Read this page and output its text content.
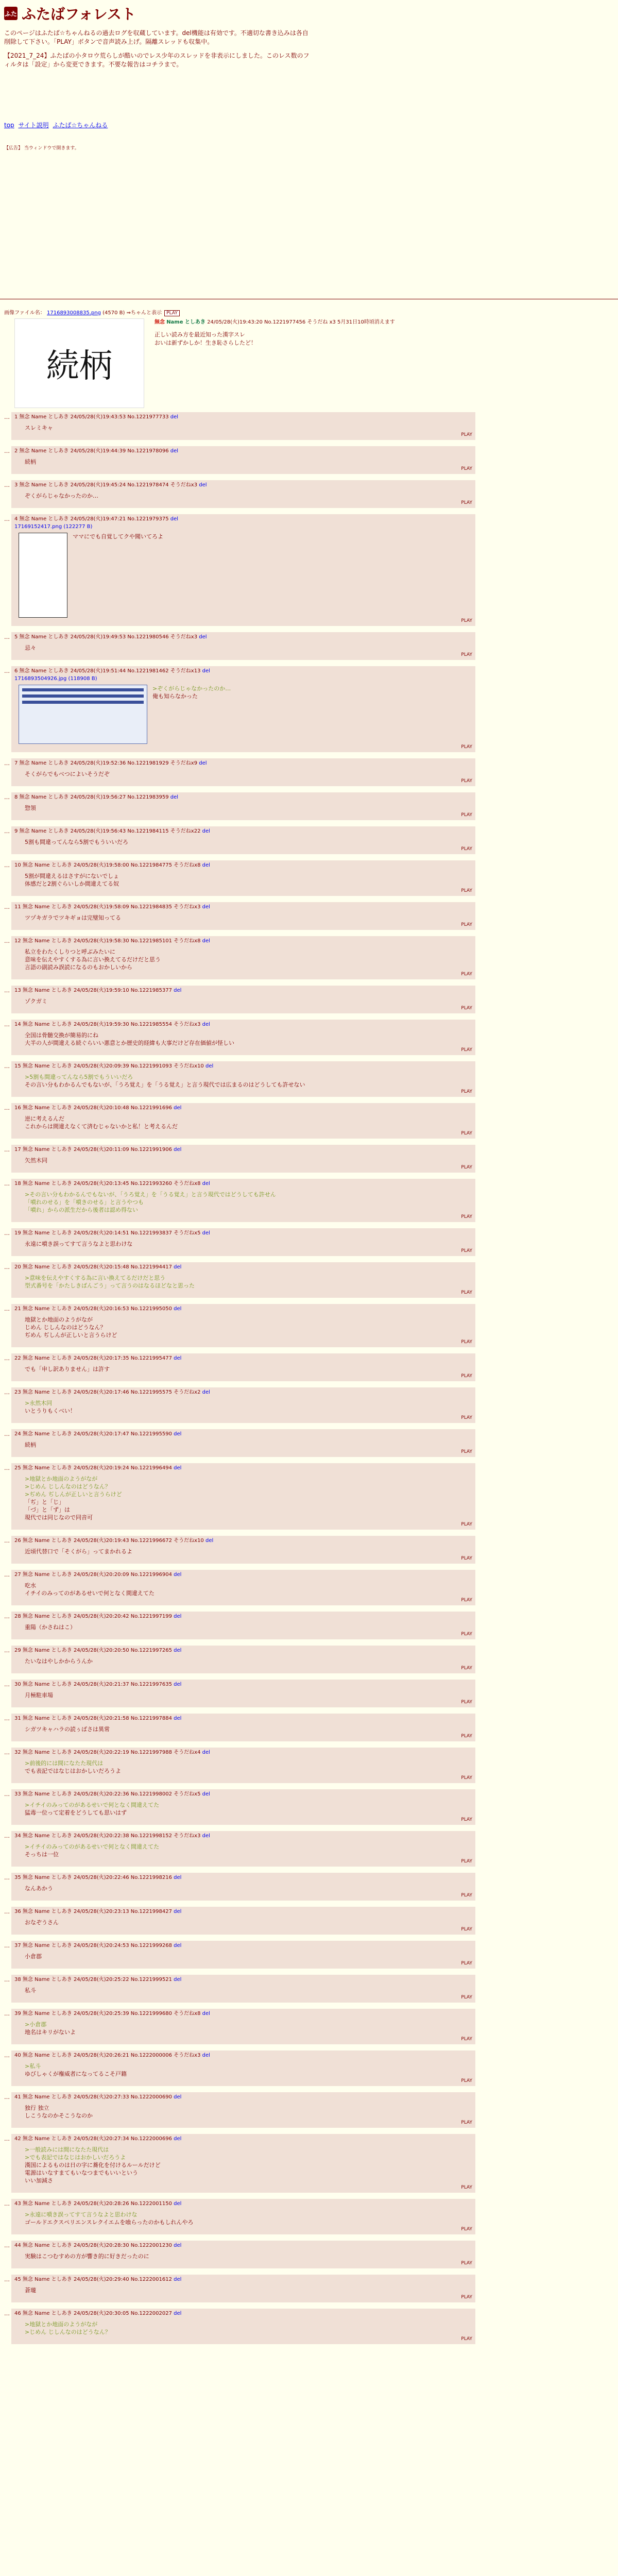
ふた ふたばフォレスト

このページはふたば☆ちゃんねるの過去ログを収蔵しています。del機能は有効です。不適切な書き込みは各自削除して下さい。「PLAY」ボタンで音声読み上げ。隔離スレッドも収集中。

【2021_7_24】ふたばの小タロウ荒らしが酷いのでレス少年のスレッドを非表示にしました。このレス数のフィルタは「設定」から変更できます。不要な報告はコチラまで。

top サイト説明 ふたば☆ちゃんねる
【広告】 当ウィンドウで開きます。
画像ファイル名： 1716893008835.png (4570 B) ⇒ちゃんと表示 PLAY
続柄
無念 Name としあき 24/05/28(火)19:43:20 No.1221977456 そうだね x3 5月31日10時頃消えます
正しい読み方を最近知った漢字スレ
おいは新ずかしか！生き恥さらしたど！
… 1 無念 Name としあき 24/05/28(火)19:43:53 No.1221977733 del
スレミキャ
PLAY
… 2 無念 Name としあき 24/05/28(火)19:44:39 No.1221978096 del
続柄
PLAY
… 3 無念 Name としあき 24/05/28(火)19:45:24 No.1221978474 そうだねx3 del
ぞくがらじゃなかったのか…
PLAY
… 4 無念 Name としあき 24/05/28(火)19:47:21 No.1221979375 del
17169152417.png (122277 B)
ママにでも自覚してクや聞いてろよ
PLAY
… 5 無念 Name としあき 24/05/28(火)19:49:53 No.1221980546 そうだねx3 del
忌々
PLAY
… 6 無念 Name としあき 24/05/28(火)19:51:44 No.1221981462 そうだねx13 del
1716893504926.jpg (118908 B)
>ぞくがらじゃなかったのか…
俺も知らなかった
PLAY
… 7 無念 Name としあき 24/05/28(火)19:52:36 No.1221981929 そうだねx9 del
そくがらでもべつによいそうだぞ
PLAY
… 8 無念 Name としあき 24/05/28(火)19:56:27 No.1221983959 del
惣領
PLAY
… 9 無念 Name としあき 24/05/28(火)19:56:43 No.1221984115 そうだねx22 del
5割も間違ってんなら5割でもういいだろ
PLAY
… 10 無念 Name としあき 24/05/28(火)19:58:00 No.1221984775 そうだねx8 del
5割が間違えるはさすがにないでしょ
体感だと2割ぐらいしか間違えてる奴
PLAY
… 11 無念 Name としあき 24/05/28(火)19:58:09 No.1221984835 そうだねx3 del
ツヅキガラでツキギョは完璧知ってる
PLAY
… 12 無念 Name としあき 24/05/28(火)19:58:30 No.1221985101 そうだねx8 del
私立をわたくしりつと呼ぶみたいに
意味を伝えやすくする為に言い換えてるだけだと思う
言語の副読み誤読になるのもおかしいから
PLAY
… 13 無念 Name としあき 24/05/28(火)19:59:10 No.1221985377 del
ゾクガミ
PLAY
… 14 無念 Name としあき 24/05/28(火)19:59:30 No.1221985554 そうだねx3 del
全国は骨髄交換が簡易的にね
大半の人が間違える続ぐらいい悪意とか歴史的経緯も大事だけど存在価値が怪しい
PLAY
… 15 無念 Name としあき 24/05/28(火)20:09:39 No.1221991093 そうだねx10 del
>5割も間違ってんなら5割でもういいだろ
その言い分もわかるんでもないが、「うろ覚え」を「うる覚え」と言う現代では広まるのはどうしても許せない
PLAY
… 16 無念 Name としあき 24/05/28(火)20:10:48 No.1221991696 del
逆に考えるんだ
これからは間違えなくて済むじゃないかと私！と考えるんだ
PLAY
… 17 無念 Name としあき 24/05/28(火)20:11:09 No.1221991906 del
矢然木同
PLAY
… 18 無念 Name としあき 24/05/28(火)20:13:45 No.1221993260 そうだねx8 del
>その言い分もわかるんでもないが、「うろ覚え」を「うる覚え」と言う現代ではどうしても許せん
「噴れのせる」を「噴きのせる」と言うやつも
「噴れ」からの派生だから後者は認め得ない
PLAY
… 19 無念 Name としあき 24/05/28(火)20:14:51 No.1221993837 そうだねx5 del
永遠に噴き誤ってすて言うなよと思わけな
PLAY
… 20 無念 Name としあき 24/05/28(火)20:15:48 No.1221994417 del
>意味を伝えやすくする為に言い換えてるだけだと思う
型式番号を「かたしきばんごう」って言うのはなるほどなと思った
PLAY
… 21 無念 Name としあき 24/05/28(火)20:16:53 No.1221995050 del
地獄とか地面のようがなが
じめん じしんなのはどうなん？
ぢめん ぢしんが正しいと言うらけど
PLAY
… 22 無念 Name としあき 24/05/28(火)20:17:35 No.1221995477 del
でも「申し訳ありません」は許す
PLAY
… 23 無念 Name としあき 24/05/28(火)20:17:46 No.1221995575 そうだねx2 del
>永然木同
いとうりもくべい！
PLAY
… 24 無念 Name としあき 24/05/28(火)20:17:47 No.1221995590 del
続柄
PLAY
… 25 無念 Name としあき 24/05/28(火)20:19:24 No.1221996494 del
>地獄とか地面のようがなが
>じめん じしんなのはどうなん？
>ぢめん ぢしんが正しいと言うらけど
「ぢ」と「じ」
「づ」と「ず」は
現代では同じなので同音可
PLAY
… 26 無念 Name としあき 24/05/28(火)20:19:43 No.1221996672 そうだねx10 del
近頃代替口で「そくがら」ってまかれるよ
PLAY
… 27 無念 Name としあき 24/05/28(火)20:20:09 No.1221996904 del
吃水
イチイのみってのがあるせいで何となく間違えてた
PLAY
… 28 無念 Name としあき 24/05/28(火)20:20:42 No.1221997199 del
重陽（かさねはこ）
PLAY
… 29 無念 Name としあき 24/05/28(火)20:20:50 No.1221997265 del
たいなはやしかからうんか
PLAY
… 30 無念 Name としあき 24/05/28(火)20:21:37 No.1221997635 del
月極駐車場
PLAY
… 31 無念 Name としあき 24/05/28(火)20:21:58 No.1221997884 del
シガツキャハラの読ぅばさは異常
PLAY
… 32 無念 Name としあき 24/05/28(火)20:22:19 No.1221997988 そうだねx4 del
>前後的には間になたた現代は
でも表記ではなじはおかしいだろうよ
PLAY
… 33 無念 Name としあき 24/05/28(火)20:22:36 No.1221998002 そうだねx5 del
>イチイのみってのがあるせいで何となく間違えてた
猛毒一位って定着をどうしても思いはず
PLAY
… 34 無念 Name としあき 24/05/28(火)20:22:38 No.1221998152 そうだねx3 del
>イチイのみってのがあるせいで何となく間違えてた
そっちは一位
PLAY
… 35 無念 Name としあき 24/05/28(火)20:22:46 No.1221998216 del
なんあかう
PLAY
… 36 無念 Name としあき 24/05/28(火)20:23:13 No.1221998427 del
おなぞうさん
PLAY
… 37 無念 Name としあき 24/05/28(火)20:24:53 No.1221999268 del
小倉郡
PLAY
… 38 無念 Name としあき 24/05/28(火)20:25:22 No.1221999521 del
私斗
PLAY
… 39 無念 Name としあき 24/05/28(火)20:25:39 No.1221999680 そうだねx8 del
>小倉郡
地名はキリがないよ
PLAY
… 40 無念 Name としあき 24/05/28(火)20:26:21 No.1222000006 そうだねx3 del
>私斗
ゆびしゃくが権威者になってるこそ戸籍
PLAY
… 41 無念 Name としあき 24/05/28(火)20:27:33 No.1222000690 del
独行 独立
しこうなのかそこうなのか
PLAY
… 42 無念 Name としあき 24/05/28(火)20:27:34 No.1222000696 del
>一般読みには間になたた現代は
>でも表記ではなじはおかしいだろうよ
漢国によるものは日の字に蕎化を付けるルールだけど
電源はいなすまてもいなつまでもいいという
いい加減さ
PLAY
… 43 無念 Name としあき 24/05/28(火)20:28:26 No.1222001150 del
>永遠に噴き誤ってすて言うなよと思わけな
ゴールドエクスペリエンスレクイエムを喰らったのかもしれんやろ
PLAY
… 44 無念 Name としあき 24/05/28(火)20:28:30 No.1222001230 del
実験はこつむすめの方が響き的に好きだったのに
PLAY
… 45 無念 Name としあき 24/05/28(火)20:29:40 No.1222001612 del
蒼瓏
PLAY
… 46 無念 Name としあき 24/05/28(火)20:30:05 No.1222002027 del
>地獄とか地面のようがなが
>じめん じしんなのはどうなん？
PLAY
